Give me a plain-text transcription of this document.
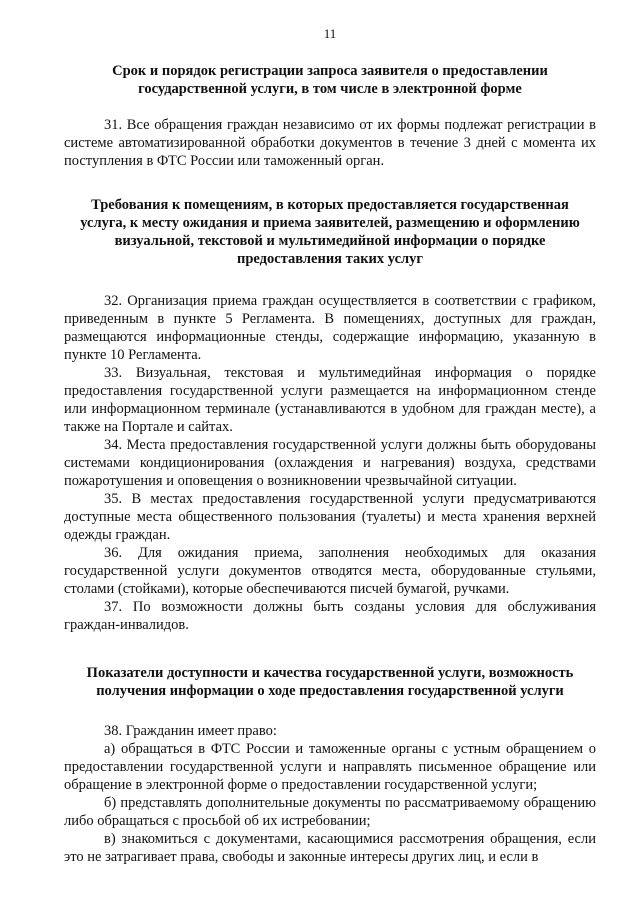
11
Срок и порядок регистрации запроса заявителя о предоставлении государственной услуги, в том числе в электронной форме

31. Все обращения граждан независимо от их формы подлежат регистрации в системе автоматизированной обработки документов в течение 3 дней с момента их поступления в ФТС России или таможенный орган.

Требования к помещениям, в которых предоставляется государственная услуга, к месту ожидания и приема заявителей, размещению и оформлению визуальной, текстовой и мультимедийной информации о порядке предоставления таких услуг

32. Организация приема граждан осуществляется в соответствии с графиком, приведенным в пункте 5 Регламента. В помещениях, доступных для граждан, размещаются информационные стенды, содержащие информацию, указанную в пункте 10 Регламента.

33. Визуальная, текстовая и мультимедийная информация о порядке предоставления государственной услуги размещается на информационном стенде или информационном терминале (устанавливаются в удобном для граждан месте), а также на Портале и сайтах.

34. Места предоставления государственной услуги должны быть оборудованы системами кондиционирования (охлаждения и нагревания) воздуха, средствами пожаротушения и оповещения о возникновении чрезвычайной ситуации.

35. В местах предоставления государственной услуги предусматриваются доступные места общественного пользования (туалеты) и места хранения верхней одежды граждан.

36. Для ожидания приема, заполнения необходимых для оказания государственной услуги документов отводятся места, оборудованные стульями, столами (стойками), которые обеспечиваются писчей бумагой, ручками.

37. По возможности должны быть созданы условия для обслуживания граждан-инвалидов.

Показатели доступности и качества государственной услуги, возможность получения информации о ходе предоставления государственной услуги

38. Гражданин имеет право:

а) обращаться в ФТС России и таможенные органы с устным обращением о предоставлении государственной услуги и направлять письменное обращение или обращение в электронной форме о предоставлении государственной услуги;

б) представлять дополнительные документы по рассматриваемому обращению либо обращаться с просьбой об их истребовании;

в) знакомиться с документами, касающимися рассмотрения обращения, если это не затрагивает права, свободы и законные интересы других лиц, и если в
